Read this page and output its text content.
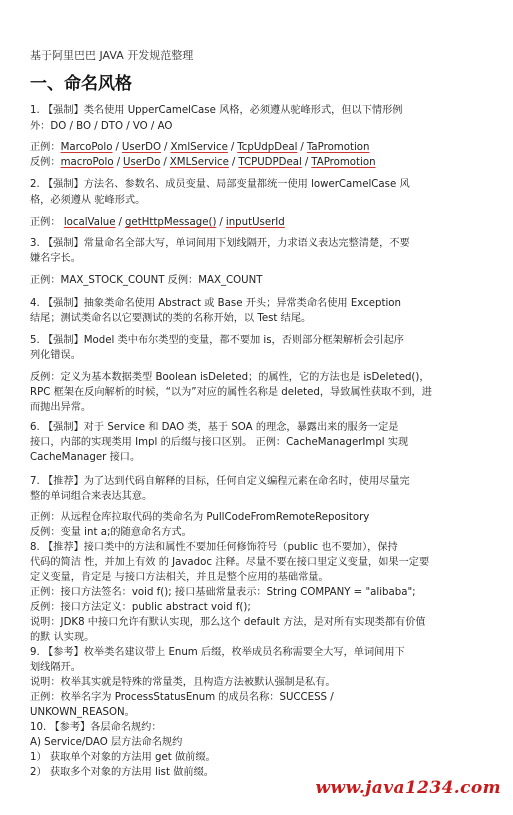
基于阿里巴巴 JAVA 开发规范整理
一、命名风格
1. 【强制】类名使用 UpperCamelCase 风格，必须遵从驼峰形式，但以下情形例
外：DO / BO / DTO / VO / AO
正例：MarcoPolo / UserDO / XmlService / TcpUdpDeal / TaPromotion
反例：macroPolo / UserDo / XMLService / TCPUDPDeal / TAPromotion
2. 【强制】方法名、参数名、成员变量、局部变量都统一使用 lowerCamelCase 风
格，必须遵从 驼峰形式。
正例： localValue / getHttpMessage() / inputUserId
3. 【强制】常量命名全部大写，单词间用下划线隔开，力求语义表达完整清楚，不要
嫌名字长。
正例：MAX_STOCK_COUNT 反例：MAX_COUNT
4. 【强制】抽象类命名使用 Abstract 或 Base 开头；异常类命名使用 Exception
结尾；测试类命名以它要测试的类的名称开始，以 Test 结尾。
5. 【强制】Model 类中布尔类型的变量，都不要加 is，否则部分框架解析会引起序
列化错误。
反例：定义为基本数据类型 Boolean isDeleted；的属性，它的方法也是 isDeleted()，
RPC 框架在反向解析的时候，“以为”对应的属性名称是 deleted，导致属性获取不到，进
而抛出异常。
6. 【强制】对于 Service 和 DAO 类，基于 SOA 的理念，暴露出来的服务一定是
接口，内部的实现类用 Impl 的后缀与接口区别。 正例：CacheManagerImpl 实现
CacheManager 接口。
7. 【推荐】为了达到代码自解释的目标，任何自定义编程元素在命名时，使用尽量完
整的单词组合来表达其意。
正例：从远程仓库拉取代码的类命名为 PullCodeFromRemoteRepository
反例：变量 int a;的随意命名方式。
8. 【推荐】接口类中的方法和属性不要加任何修饰符号（public 也不要加），保持
代码的简洁 性，并加上有效 的 Javadoc 注释。尽量不要在接口里定义变量，如果一定要
定义变量，肯定是 与接口方法相关，并且是整个应用的基础常量。
正例：接口方法签名：void f(); 接口基础常量表示：String COMPANY = "alibaba";
反例：接口方法定义：public abstract void f();
说明：JDK8 中接口允许有默认实现，那么这个 default 方法，是对所有实现类都有价值
的默 认实现。
9. 【参考】枚举类名建议带上 Enum 后缀，枚举成员名称需要全大写，单词间用下
划线隔开。
说明：枚举其实就是特殊的常量类，且构造方法被默认强制是私有。
正例：枚举名字为 ProcessStatusEnum 的成员名称：SUCCESS /
UNKOWN_REASON。
10. 【参考】各层命名规约：
A) Service/DAO 层方法命名规约
1） 获取单个对象的方法用 get 做前缀。
2） 获取多个对象的方法用 list 做前缀。
www.java1234.com
